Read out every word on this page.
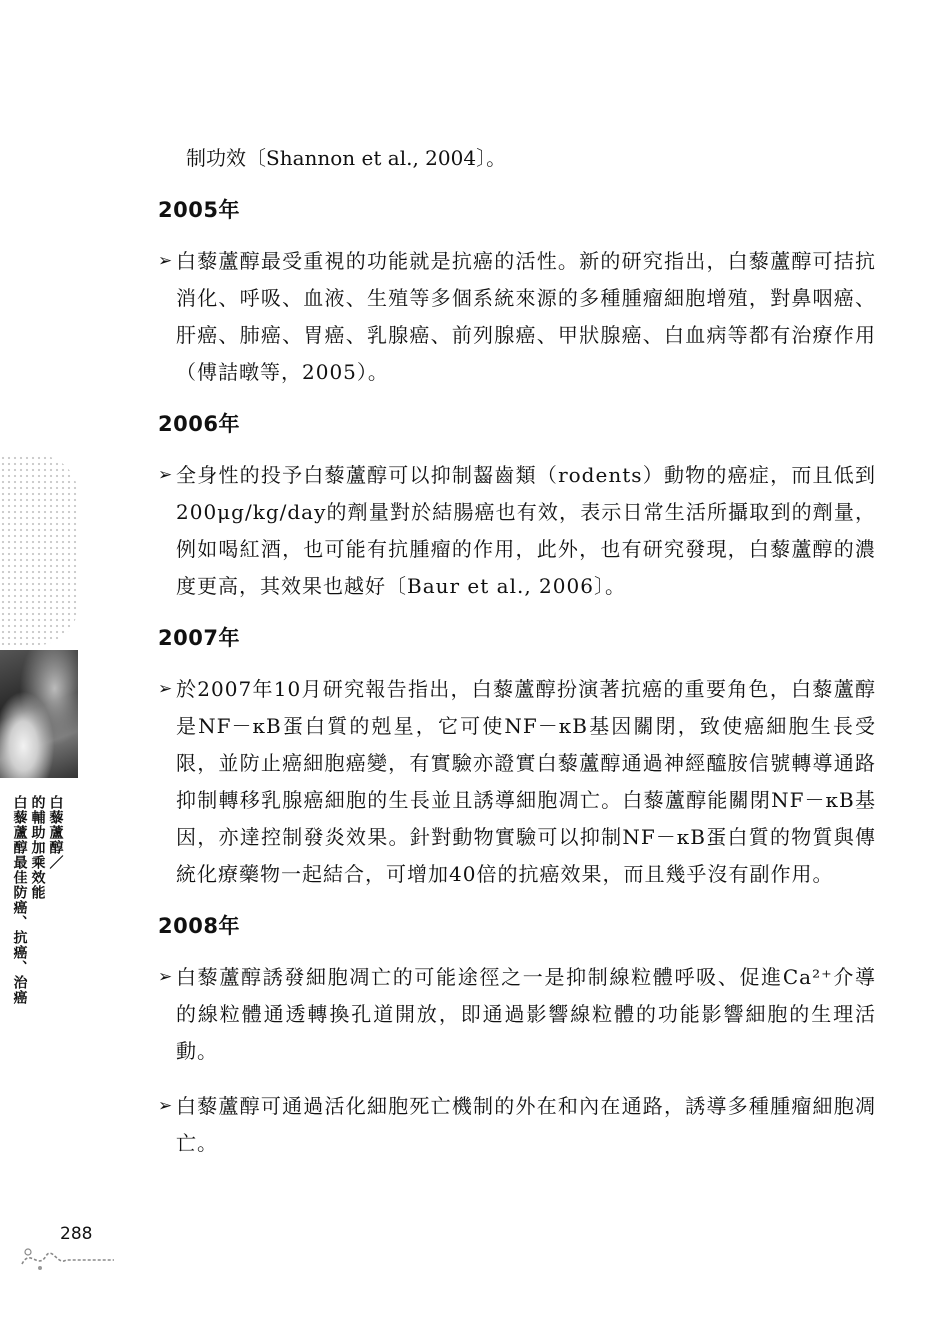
白藜蘆醇／
的輔助加乘效能
白藜蘆醇最佳防癌、抗癌、治癌

制功效〔Shannon et al., 2004〕。

2005年
➢ 白藜蘆醇最受重視的功能就是抗癌的活性。新的研究指出，白藜蘆醇可拮抗消化、呼吸、血液、生殖等多個系統來源的多種腫瘤細胞增殖，對鼻咽癌、肝癌、肺癌、胃癌、乳腺癌、前列腺癌、甲狀腺癌、白血病等都有治療作用（傅詰暾等，2005）。
2006年
➢ 全身性的投予白藜蘆醇可以抑制齧齒類（rodents）動物的癌症，而且低到200μg/kg/day的劑量對於結腸癌也有效，表示日常生活所攝取到的劑量，例如喝紅酒，也可能有抗腫瘤的作用，此外，也有研究發現，白藜蘆醇的濃度更高，其效果也越好〔Baur et al., 2006〕。
2007年
➢ 於2007年10月研究報告指出，白藜蘆醇扮演著抗癌的重要角色，白藜蘆醇是NF－κB蛋白質的剋星，它可使NF－κB基因關閉，致使癌細胞生長受限，並防止癌細胞癌變，有實驗亦證實白藜蘆醇通過神經醯胺信號轉導通路抑制轉移乳腺癌細胞的生長並且誘導細胞凋亡。白藜蘆醇能關閉NF－κB基因，亦達控制發炎效果。針對動物實驗可以抑制NF－κB蛋白質的物質與傳統化療藥物一起結合，可增加40倍的抗癌效果，而且幾乎沒有副作用。
2008年
➢ 白藜蘆醇誘發細胞凋亡的可能途徑之一是抑制線粒體呼吸、促進Ca²⁺介導的線粒體通透轉換孔道開放，即通過影響線粒體的功能影響細胞的生理活動。
➢ 白藜蘆醇可通過活化細胞死亡機制的外在和內在通路，誘導多種腫瘤細胞凋亡。
288
